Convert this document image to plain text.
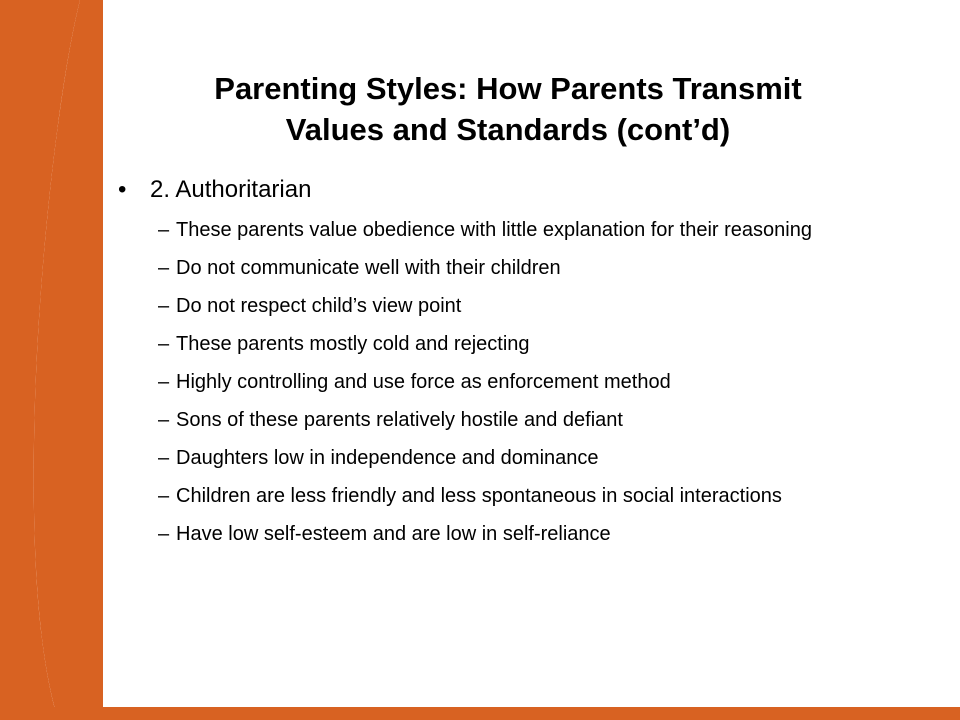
Parenting Styles: How Parents Transmit
Values and Standards (cont’d)
• 2. Authoritarian
– These parents value obedience with little explanation for their reasoning
– Do not communicate well with their children
– Do not respect child’s view point
– These parents mostly cold and rejecting
– Highly controlling and use force as enforcement method
– Sons of these parents relatively hostile and defiant
– Daughters low in independence and dominance
– Children are less friendly and less spontaneous in social interactions
– Have low self-esteem and are low in self-reliance
